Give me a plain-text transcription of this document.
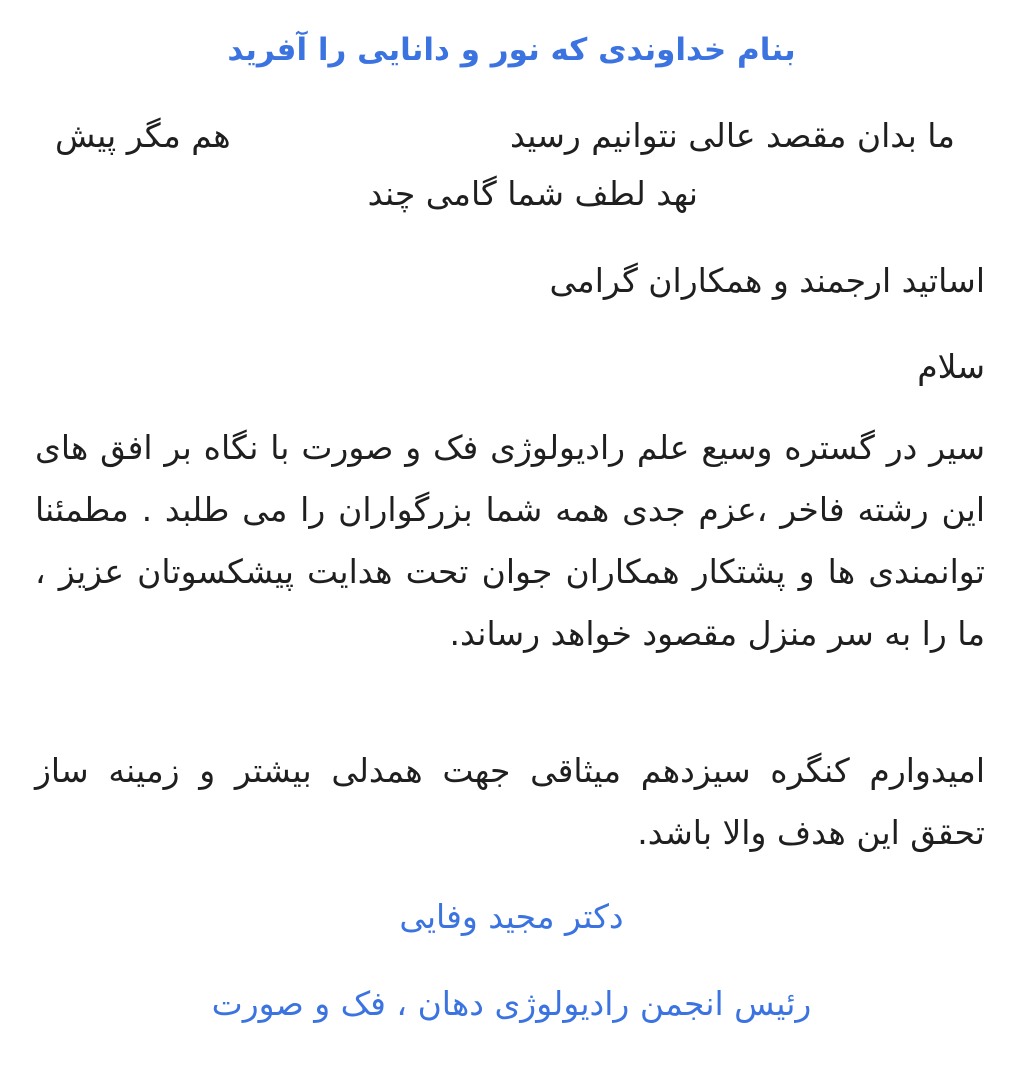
بنام خداوندی که نور و دانایی را آفرید
ما بدان مقصد عالی نتوانیم رسید
هم مگر پیش
نهد لطف شما گامی چند
اساتید ارجمند و همکاران گرامی
سلام
سیر در گستره وسیع علم رادیولوژی فک و صورت با نگاه بر افق های این رشته فاخر ،عزم جدی همه شما بزرگواران را می طلبد . مطمئنا توانمندی ها و پشتکار همکاران جوان تحت هدایت پیشکسوتان عزیز ، ما را به سر منزل مقصود خواهد رساند.
امیدوارم کنگره سیزدهم میثاقی جهت همدلی بیشتر و زمینه ساز تحقق این هدف والا باشد.
دکتر مجید وفایی
رئیس انجمن رادیولوژی دهان ، فک و صورت
